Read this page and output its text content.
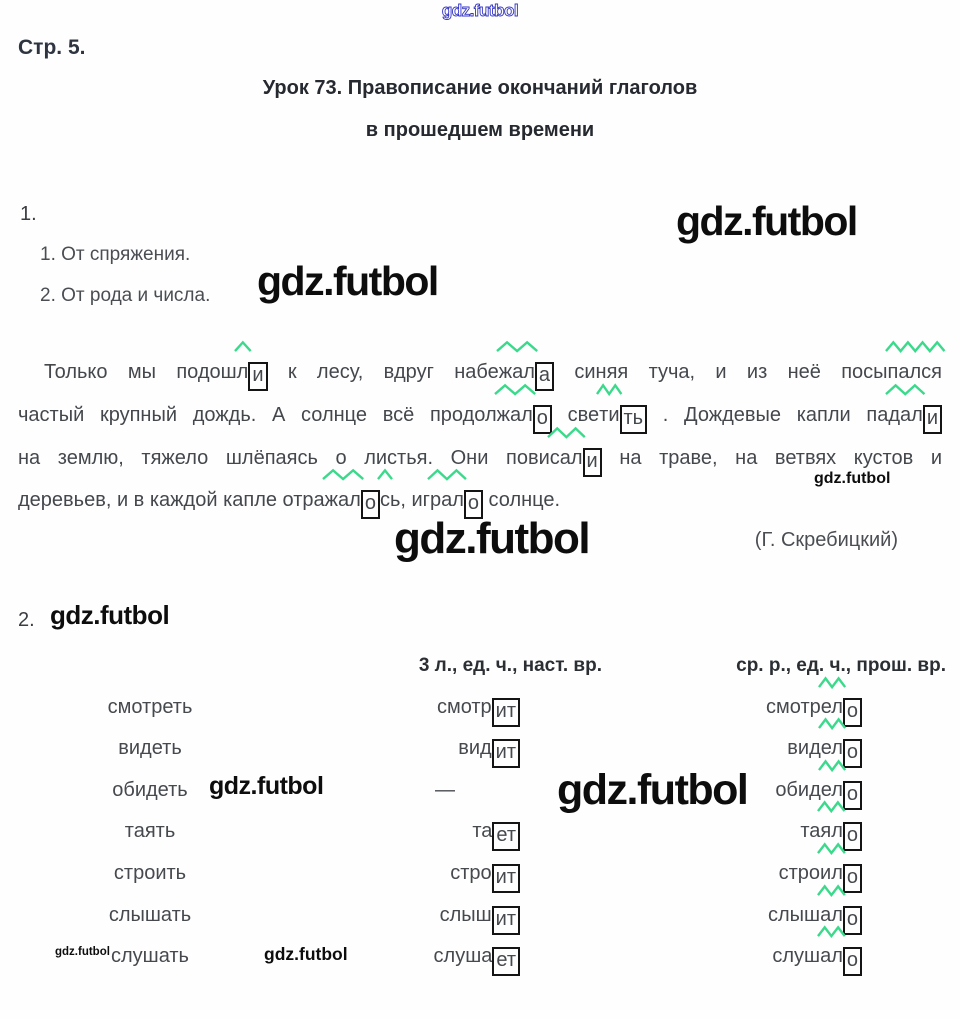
gdz.futbol
gdz.futbol
gdz.futbol
gdz.futbol
gdz.futbol
gdz.futbol
gdz.futbol	gdz.futbol
gdz.futbol	gdz.futbol
Стр. 5.
Урок 73. Правописание окончаний глаголов
в прошедшем времени
1.
1. От спряжения.
2. От рода и числа.
Только мы подошл и к лесу, вдруг набежал а синяя туча, и из неё посыпался
частый крупный дождь. А солнце всё продолжал о свети ть . Дождевые капли падал и
на землю, тяжело шлёпаясь о листья. Они повисал и на траве, на ветвях кустов и
деревьев, и в каждой капле отражал о с
ь, играл о солнце.
(Г. Скребицкий)
2.
3 л., ед. ч., наст. вр.	ср. р., ед. ч., прош. вр.
смотреть	смотр ит	смотрел о
видеть	вид ит	видел о
обидеть	—	обидел о
таять	та ет	таял о
строить	стро ит	строил о
слышать	слыш ит	слышал о
слушать	слуша ет	слушал о
